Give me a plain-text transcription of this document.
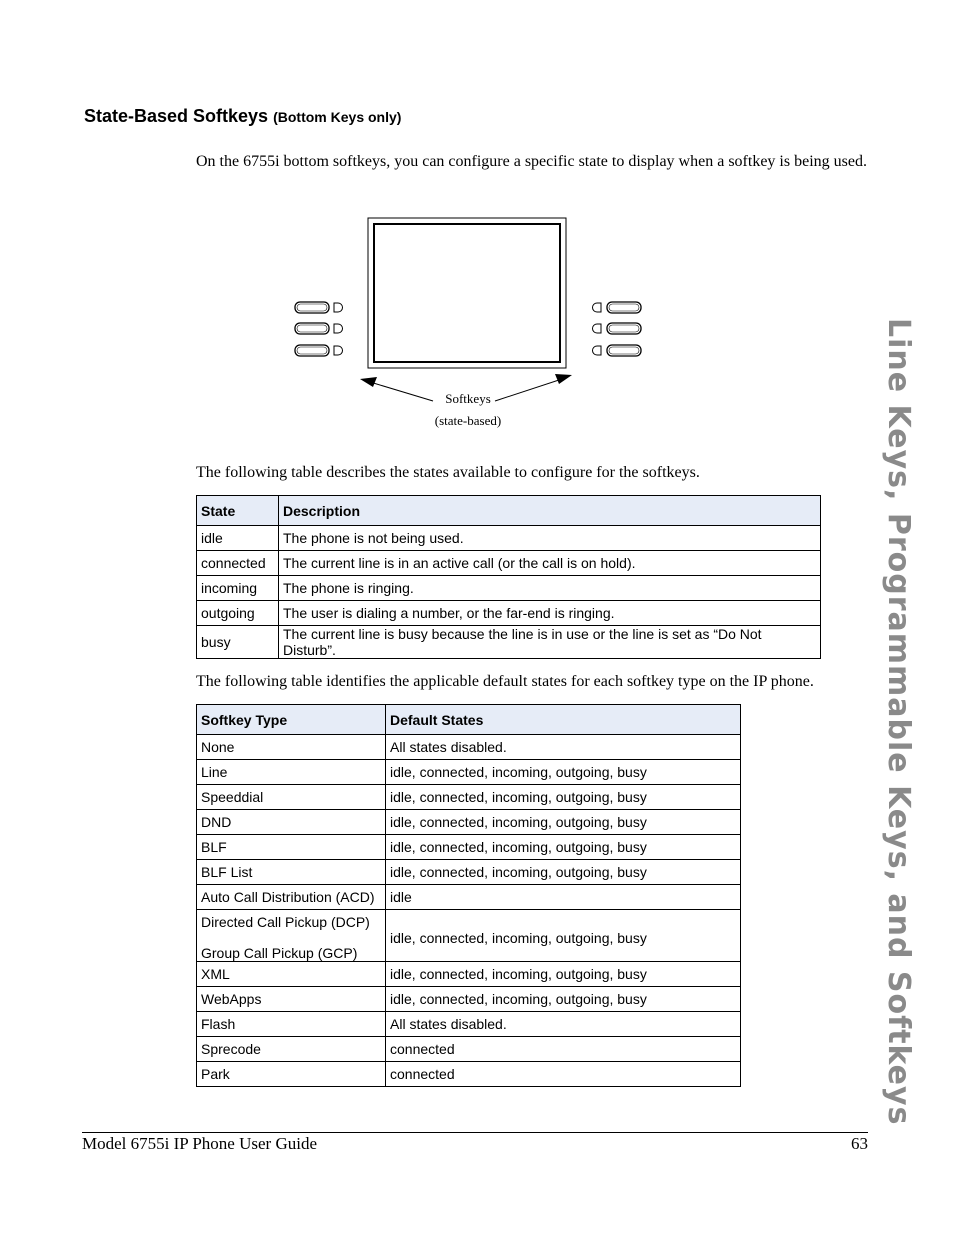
State-Based Softkeys (Bottom Keys only)

On the 6755i bottom softkeys, you can configure a specific state to display when a softkey is being used.

Softkeys
(state-based)

The following table describes the states available to configure for the softkeys.

State	Description
idle	The phone is not being used.
connected	The current line is in an active call (or the call is on hold).
incoming	The phone is ringing.
outgoing	The user is dialing a number, or the far-end is ringing.
busy	The current line is busy because the line is in use or the line is set as “Do Not Disturb”.

The following table identifies the applicable default states for each softkey type on the IP phone.

Softkey Type	Default States
None	All states disabled.
Line	idle, connected, incoming, outgoing, busy
Speeddial	idle, connected, incoming, outgoing, busy
DND	idle, connected, incoming, outgoing, busy
BLF	idle, connected, incoming, outgoing, busy
BLF List	idle, connected, incoming, outgoing, busy
Auto Call Distribution (ACD)	idle

Directed Call Pickup (DCP)
Group Call Pickup (GCP)	idle, connected, incoming, outgoing, busy

XML	idle, connected, incoming, outgoing, busy
WebApps	idle, connected, incoming, outgoing, busy
Flash	All states disabled.
Sprecode	connected
Park	connected	Line Keys, Programmable Keys, and Softkeys
Model 6755i IP Phone User Guide	63
